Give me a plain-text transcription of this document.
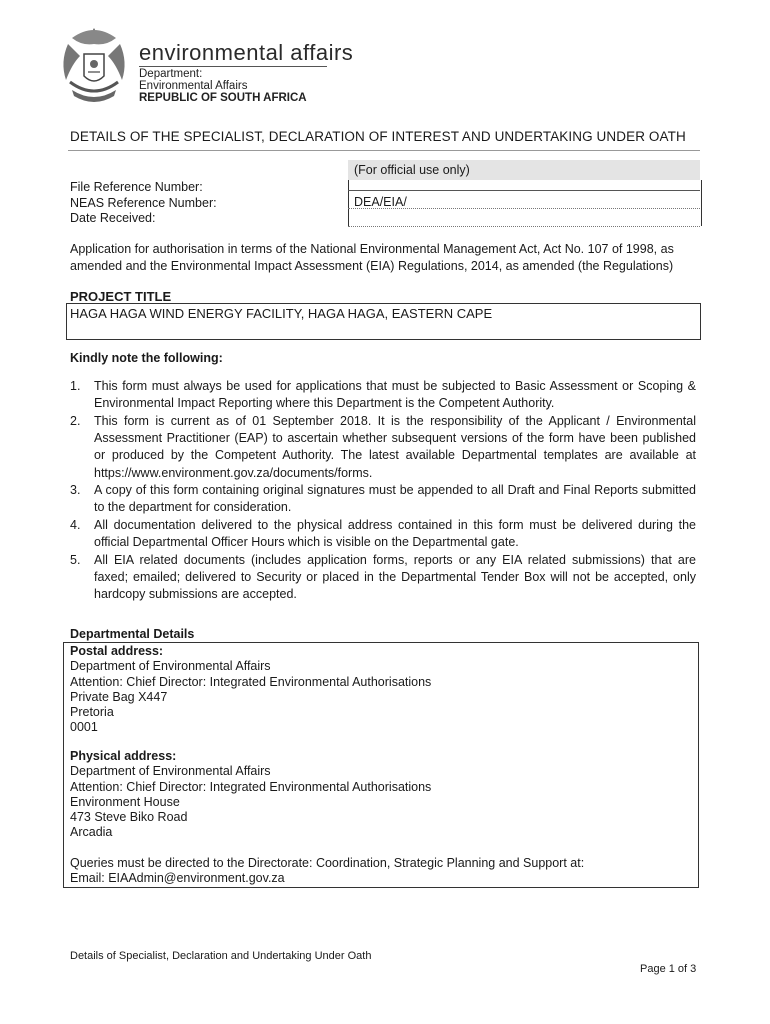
environmental affairs
Department:
Environmental Affairs
REPUBLIC OF SOUTH AFRICA
DETAILS OF THE SPECIALIST, DECLARATION OF INTEREST AND UNDERTAKING UNDER OATH
(For official use only)
File Reference Number:
NEAS Reference Number:
Date Received:
DEA/EIA/
Application for authorisation in terms of the National Environmental Management Act, Act No. 107 of 1998, as amended and the Environmental Impact Assessment (EIA) Regulations, 2014, as amended (the Regulations)
PROJECT TITLE
HAGA HAGA WIND ENERGY FACILITY, HAGA HAGA, EASTERN CAPE
Kindly note the following:
1. This form must always be used for applications that must be subjected to Basic Assessment or Scoping & Environmental Impact Reporting where this Department is the Competent Authority.
2. This form is current as of 01 September 2018. It is the responsibility of the Applicant / Environmental Assessment Practitioner (EAP) to ascertain whether subsequent versions of the form have been published or produced by the Competent Authority. The latest available Departmental templates are available at https://www.environment.gov.za/documents/forms.
3. A copy of this form containing original signatures must be appended to all Draft and Final Reports submitted to the department for consideration.
4. All documentation delivered to the physical address contained in this form must be delivered during the official Departmental Officer Hours which is visible on the Departmental gate.
5. All EIA related documents (includes application forms, reports or any EIA related submissions) that are faxed; emailed; delivered to Security or placed in the Departmental Tender Box will not be accepted, only hardcopy submissions are accepted.
Departmental Details
Postal address:
Department of Environmental Affairs
Attention: Chief Director: Integrated Environmental Authorisations
Private Bag X447
Pretoria
0001
Physical address:
Department of Environmental Affairs
Attention: Chief Director: Integrated Environmental Authorisations
Environment House
473 Steve Biko Road
Arcadia
Queries must be directed to the Directorate: Coordination, Strategic Planning and Support at:
Email: EIAAdmin@environment.gov.za
Details of Specialist, Declaration and Undertaking Under Oath
Page 1 of 3
